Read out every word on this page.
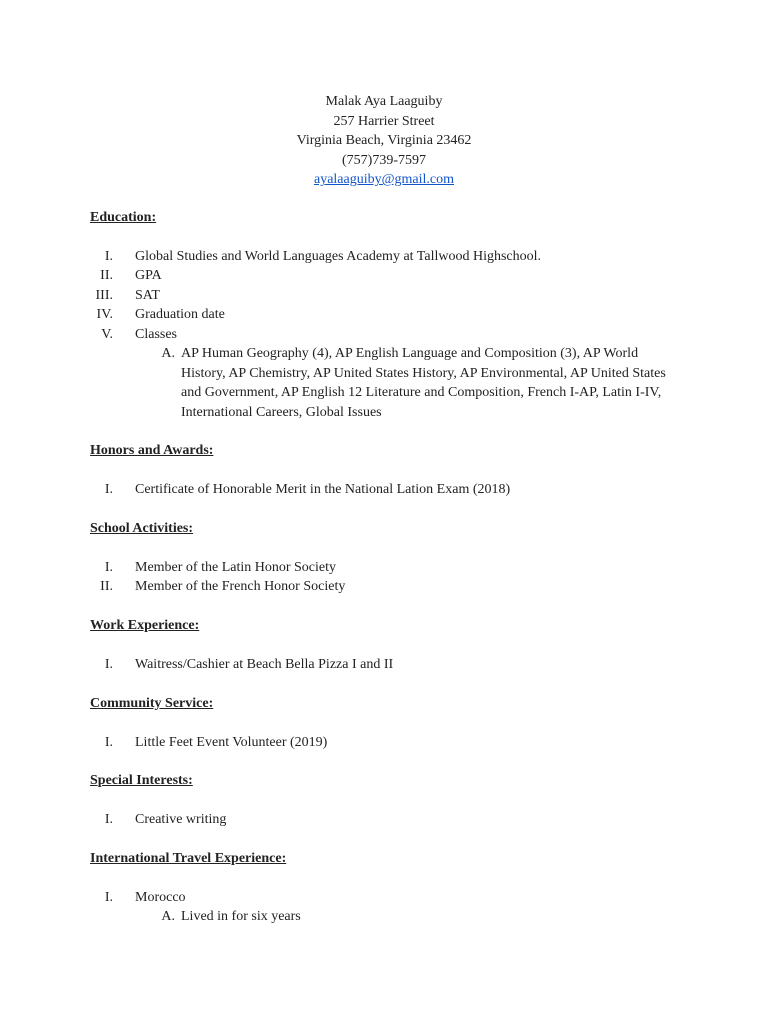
Malak Aya Laaguiby
257 Harrier Street
Virginia Beach, Virginia 23462
(757)739-7597
ayalaaguiby@gmail.com
Education:
I. Global Studies and World Languages Academy at Tallwood Highschool.
II. GPA
III. SAT
IV. Graduation date
V. Classes
A. AP Human Geography (4), AP English Language and Composition (3), AP World
History, AP Chemistry, AP United States History, AP Environmental, AP United States
and Government, AP English 12 Literature and Composition, French I-AP, Latin I-IV,
International Careers, Global Issues
Honors and Awards:
I. Certificate of Honorable Merit in the National Lation Exam (2018)
School Activities:
I. Member of the Latin Honor Society
II. Member of the French Honor Society
Work Experience:
I. Waitress/Cashier at Beach Bella Pizza I and II
Community Service:
I. Little Feet Event Volunteer (2019)
Special Interests:
I. Creative writing
International Travel Experience:
I. Morocco
A. Lived in for six years
